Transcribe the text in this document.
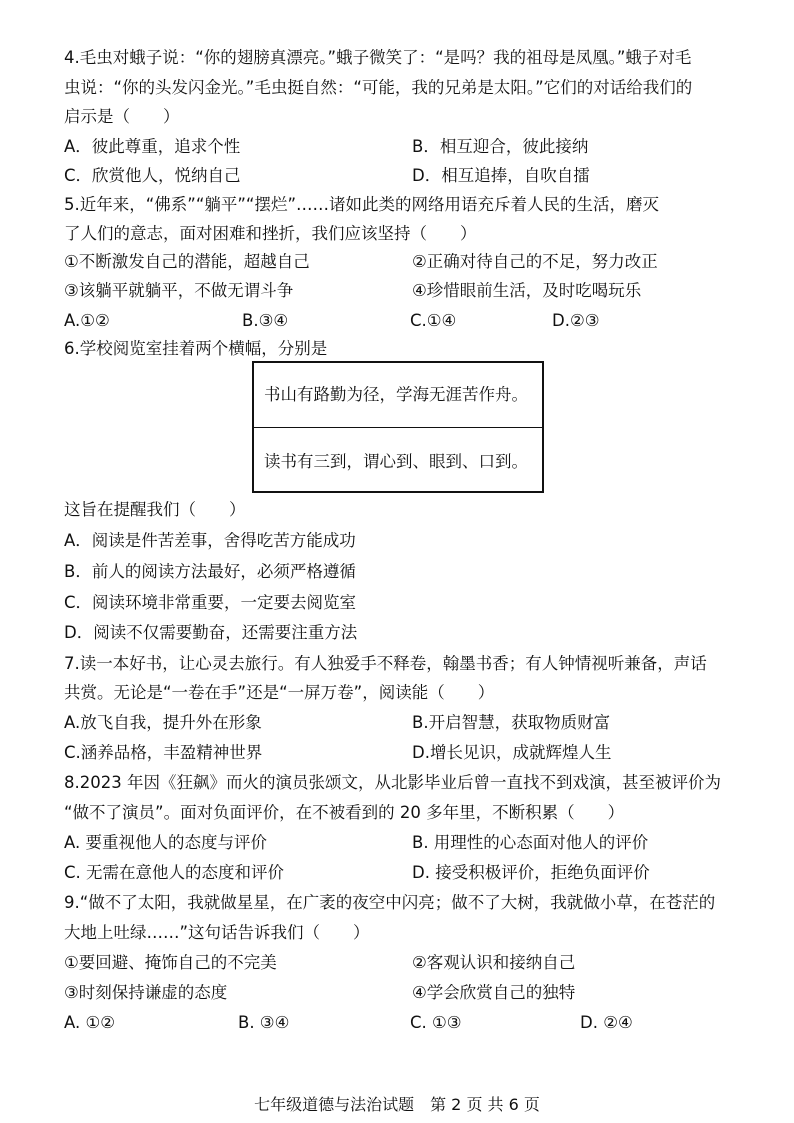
4.毛虫对蛾子说：“你的翅膀真漂亮。”蛾子微笑了：“是吗？我的祖母是凤凰。”蛾子对毛
虫说：“你的头发闪金光。”毛虫挺自然：“可能，我的兄弟是太阳。”它们的对话给我们的
启示是（　　）
A．彼此尊重，追求个性	B．相互迎合，彼此接纳
C．欣赏他人，悦纳自己	D．相互追捧，自吹自擂
5.近年来，“佛系”“躺平”“摆烂”……诸如此类的网络用语充斥着人民的生活，磨灭
了人们的意志，面对困难和挫折，我们应该坚持（　　）
①不断激发自己的潜能，超越自己	②正确对待自己的不足，努力改正
③该躺平就躺平，不做无谓斗争	④珍惜眼前生活，及时吃喝玩乐
A.①②	B.③④	C.①④	D.②③
6.学校阅览室挂着两个横幅，分别是
书山有路勤为径，学海无涯苦作舟。
读书有三到，谓心到、眼到、口到。
这旨在提醒我们（　　）
A．阅读是件苦差事，舍得吃苦方能成功
B．前人的阅读方法最好，必须严格遵循
C．阅读环境非常重要，一定要去阅览室
D．阅读不仅需要勤奋，还需要注重方法
7.读一本好书，让心灵去旅行。有人独爱手不释卷，翰墨书香；有人钟情视听兼备，声话
共赏。无论是“一卷在手”还是“一屏万卷”，阅读能（　　）
A.放飞自我，提升外在形象	B.开启智慧，获取物质财富
C.涵养品格，丰盈精神世界	D.增长见识，成就辉煌人生
8.2023 年因《狂飙》而火的演员张颂文，从北影毕业后曾一直找不到戏演，甚至被评价为
“做不了演员”。面对负面评价，在不被看到的 20 多年里，不断积累（　　）
A. 要重视他人的态度与评价	B. 用理性的心态面对他人的评价
C. 无需在意他人的态度和评价	D. 接受积极评价，拒绝负面评价
9.“做不了太阳，我就做星星，在广袤的夜空中闪亮；做不了大树，我就做小草，在苍茫的
大地上吐绿……”这句话告诉我们（　　）
①要回避、掩饰自己的不完美	②客观认识和接纳自己
③时刻保持谦虚的态度	④学会欣赏自己的独特
A. ①②	B. ③④	C. ①③	D. ②④
七年级道德与法治试题　第 2 页 共 6 页
